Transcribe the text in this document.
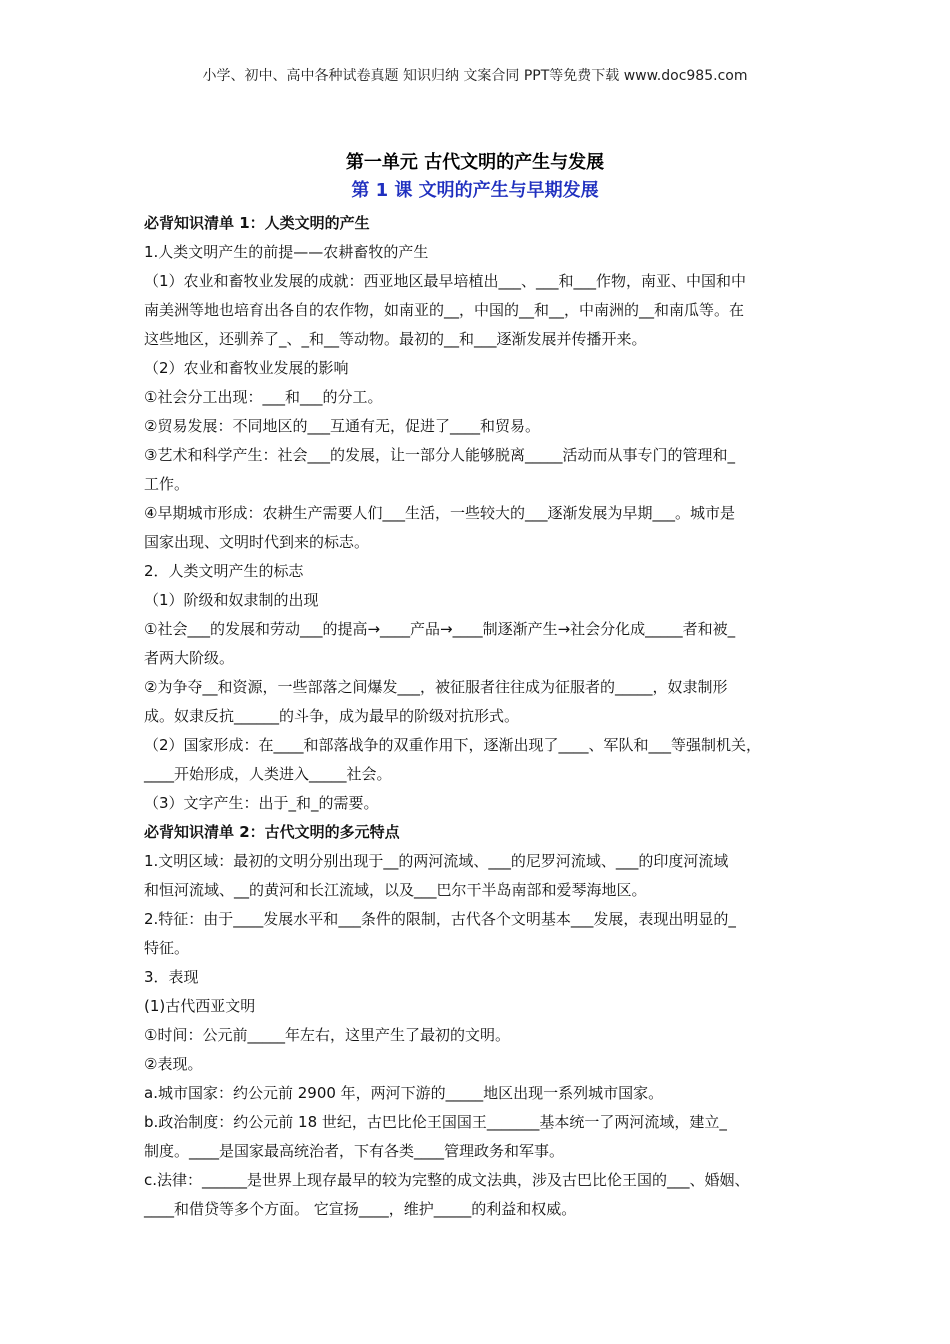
小学、初中、高中各种试卷真题 知识归纳 文案合同 PPT等免费下载 www.doc985.com
第一单元 古代文明的产生与发展
第 1 课 文明的产生与早期发展

必背知识清单 1：人类文明的产生

1.人类文明产生的前提——农耕畜牧的产生

（1）农业和畜牧业发展的成就：西亚地区最早培植出___、___和___作物，南亚、中国和中

南美洲等地也培育出各自的农作物，如南亚的__，中国的__和__，中南洲的__和南瓜等。在

这些地区，还驯养了_、_和__等动物。最初的__和___逐渐发展并传播开来。

（2）农业和畜牧业发展的影响

①社会分工出现：___和___的分工。

②贸易发展：不同地区的___互通有无，促进了____和贸易。

③艺术和科学产生：社会___的发展，让一部分人能够脱离_____活动而从事专门的管理和_

工作。

④早期城市形成：农耕生产需要人们___生活，一些较大的___逐渐发展为早期___。城市是

国家出现、文明时代到来的标志。

2．人类文明产生的标志

（1）阶级和奴隶制的出现

①社会___的发展和劳动___的提高→____产品→____制逐渐产生→社会分化成_____者和被_

者两大阶级。

②为争夺__和资源，一些部落之间爆发___，被征服者往往成为征服者的_____，奴隶制形

成。奴隶反抗______的斗争，成为最早的阶级对抗形式。

（2）国家形成：在____和部落战争的双重作用下，逐渐出现了____、军队和___等强制机关，

____开始形成，人类进入_____社会。

（3）文字产生：出于_和_的需要。

必背知识清单 2：古代文明的多元特点

1.文明区域：最初的文明分别出现于__的两河流域、___的尼罗河流域、___的印度河流域

和恒河流域、__的黄河和长江流域，以及___巴尔干半岛南部和爱琴海地区。

2.特征：由于____发展水平和___条件的限制，古代各个文明基本___发展，表现出明显的_

特征。

3．表现

(1)古代西亚文明

①时间：公元前_____年左右，这里产生了最初的文明。

②表现。

a.城市国家：约公元前 2900 年，两河下游的_____地区出现一系列城市国家。

b.政治制度：约公元前 18 世纪，古巴比伦王国国王_______基本统一了两河流域，建立_

制度。____是国家最高统治者，下有各类____管理政务和军事。

c.法律：______是世界上现存最早的较为完整的成文法典，涉及古巴比伦王国的___、婚姻、

____和借贷等多个方面。 它宣扬____，维护_____的利益和权威。
